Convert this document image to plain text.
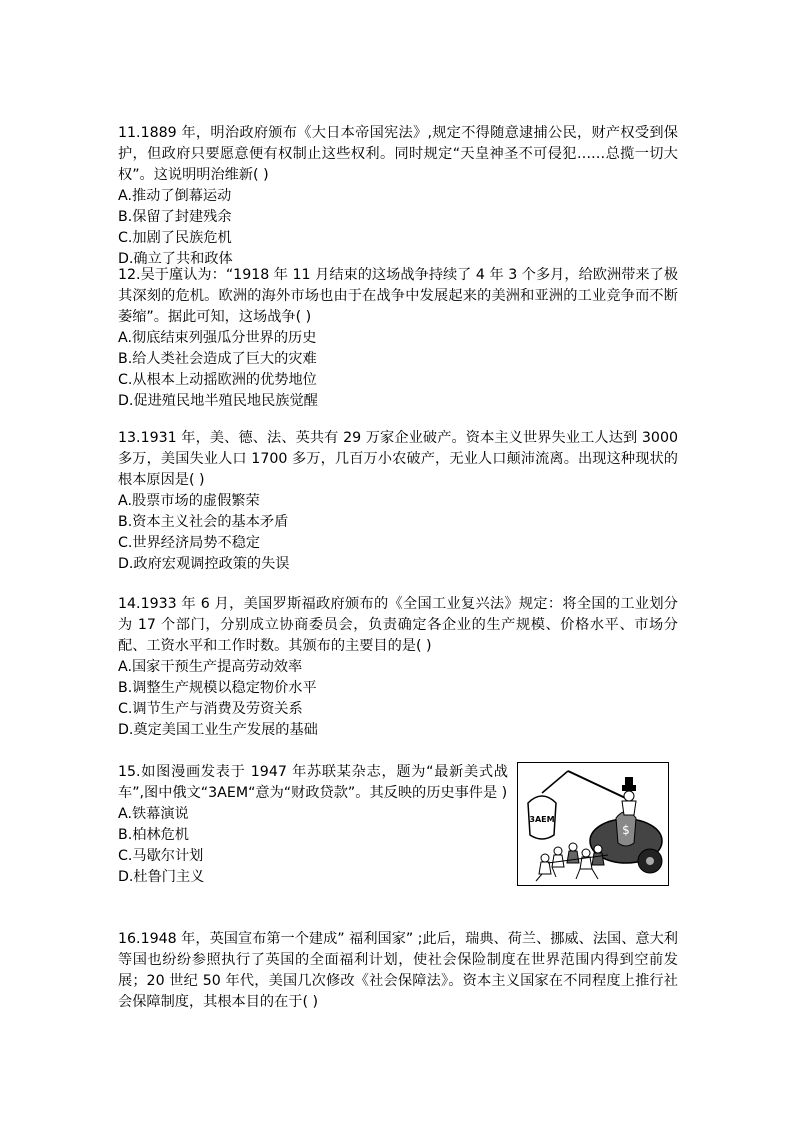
11.1889 年，明治政府颁布《大日本帝国宪法》,规定不得随意逮捕公民，财产权受到保护，但政府只要愿意便有权制止这些权利。同时规定“天皇神圣不可侵犯……总揽一切大权”。这说明明治维新( )

A.推动了倒幕运动

B.保留了封建残余

C.加剧了民族危机

D.确立了共和政体

12.吴于廑认为：“1918 年 11 月结束的这场战争持续了 4 年 3 个多月，给欧洲带来了极其深刻的危机。欧洲的海外市场也由于在战争中发展起来的美洲和亚洲的工业竞争而不断萎缩”。据此可知，这场战争( )

A.彻底结束列强瓜分世界的历史

B.给人类社会造成了巨大的灾难

C.从根本上动摇欧洲的优势地位

D.促进殖民地半殖民地民族觉醒

13.1931 年，美、德、法、英共有 29 万家企业破产。资本主义世界失业工人达到 3000 多万，美国失业人口 1700 多万，几百万小农破产，无业人口颠沛流离。出现这种现状的根本原因是( )

A.股票市场的虚假繁荣

B.资本主义社会的基本矛盾

C.世界经济局势不稳定

D.政府宏观调控政策的失误

14.1933 年 6 月，美国罗斯福政府颁布的《全国工业复兴法》规定：将全国的工业划分为 17 个部门，分别成立协商委员会，负责确定各企业的生产规模、价格水平、市场分配、工资水平和工作时数。其颁布的主要目的是( )

A.国家干预生产提高劳动效率

B.调整生产规模以稳定物价水平

C.调节生产与消费及劳资关系

D.奠定美国工业生产发展的基础

15.如图漫画发表于 1947 年苏联某杂志，题为“最新美式战车”,图中俄文“3AEM“意为“财政贷款”。其反映的历史事件是 )

A.铁幕演说

B.柏林危机

C.马歇尔计划

D.杜鲁门主义

3AEM
$

16.1948 年，英国宣布第一个建成” 福利国家” ;此后，瑞典、荷兰、挪威、法国、意大利等国也纷纷参照执行了英国的全面福利计划，使社会保险制度在世界范围内得到空前发展；20 世纪 50 年代，美国几次修改《社会保障法》。资本主义国家在不同程度上推行社会保障制度，其根本目的在于( )
